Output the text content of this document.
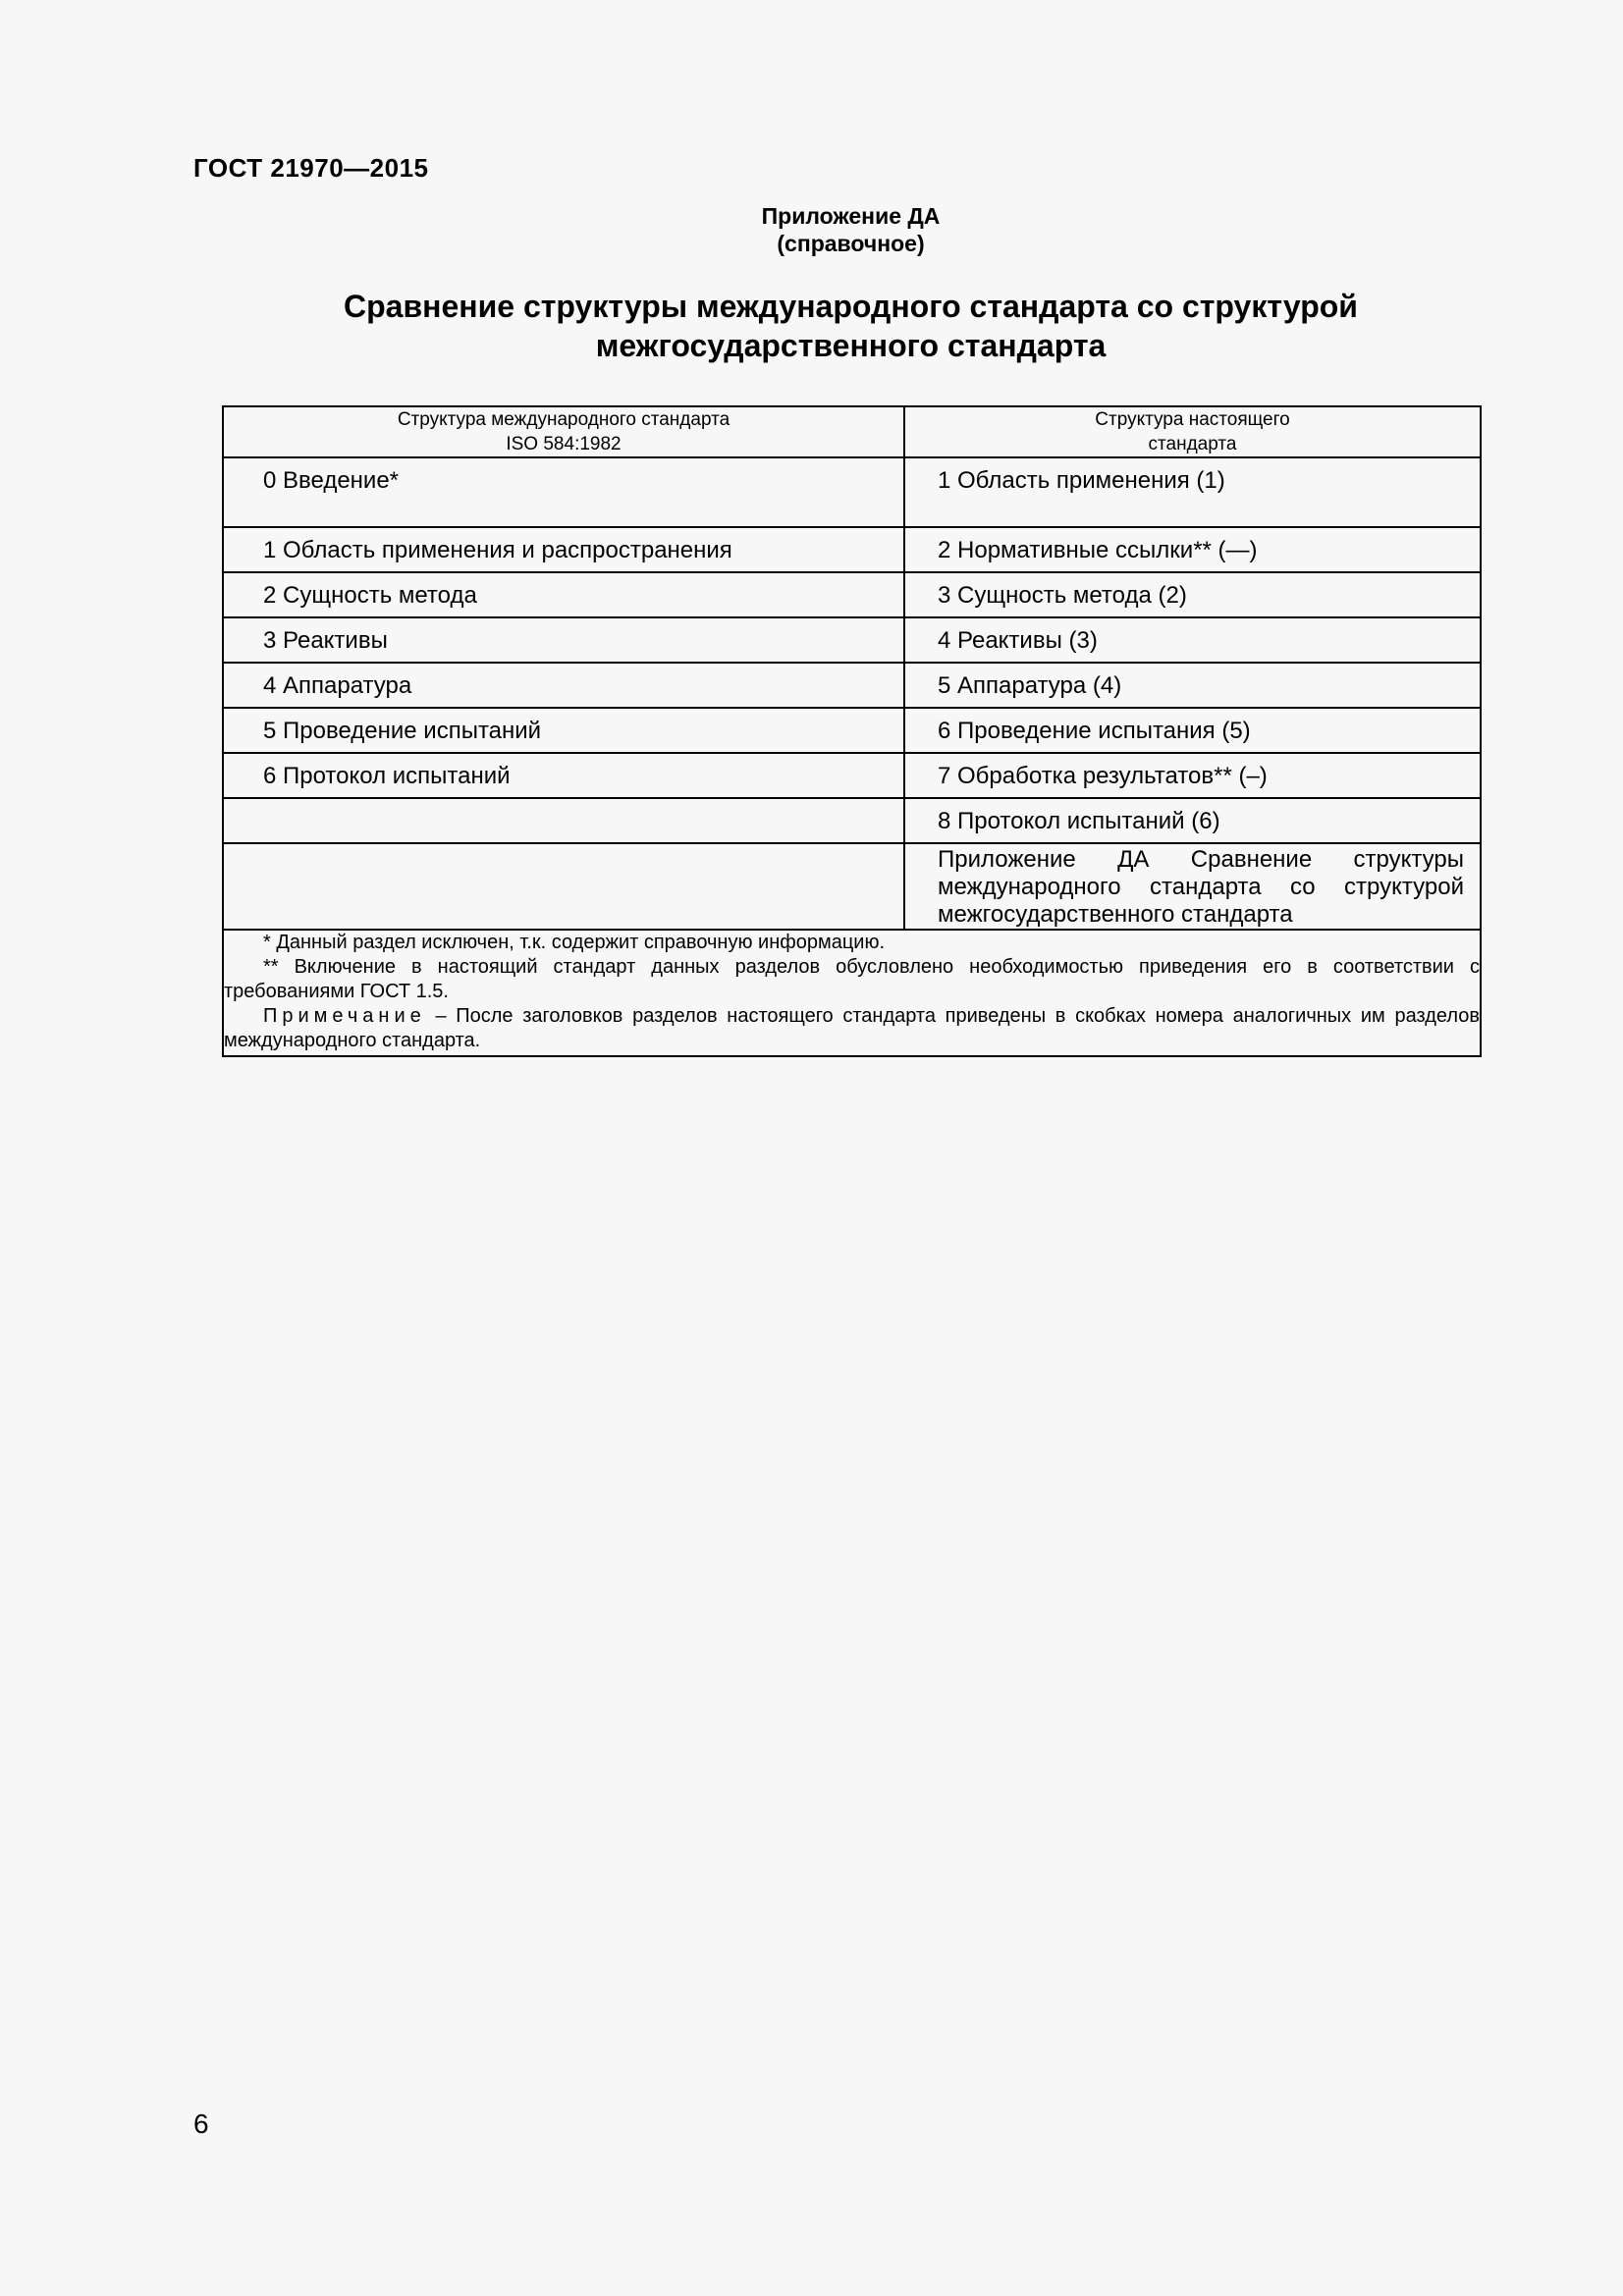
ГОСТ 21970—2015
Приложение ДА
(справочное)
Сравнение структуры международного стандарта со структурой
межгосударственного стандарта
Структура международного стандарта
ISO 584:1982	Структура настоящего
стандарта

0 Введение*	1 Область применения (1)
1 Область применения и распространения	2 Нормативные ссылки** (—)
2 Сущность метода	3 Сущность метода (2)
3 Реактивы	4 Реактивы (3)
4 Аппаратура	5 Аппаратура (4)
5 Проведение испытаний	6 Проведение испытания (5)
6 Протокол испытаний	7 Обработка результатов** (–)
	8 Протокол испытаний (6)
	Приложение ДА Сравнение структуры международного стандарта со структурой межгосударственного стандарта

* Данный раздел исключен, т.к. содержит справочную информацию.
** Включение в настоящий стандарт данных разделов обусловлено необходимостью приведения его в соответствии с требованиями ГОСТ 1.5.
Примечание – После заголовков разделов настоящего стандарта приведены в скобках номера аналогичных им разделов международного стандарта.	
6
